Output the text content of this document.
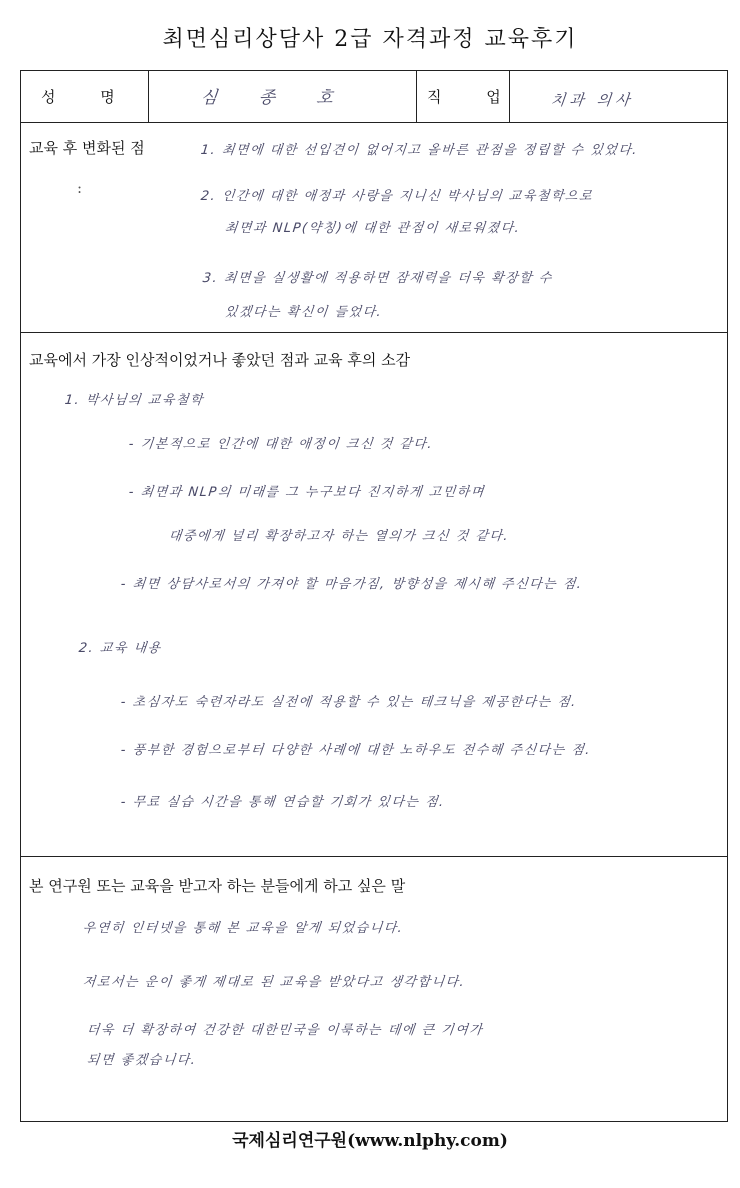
최면심리상담사 2급 자격과정 교육후기
성 명	심 종 호	직 업 치과 의사
교육 후 변화된 점
:
1. 최면에 대한 선입견이 없어지고 올바른 관점을 정립할 수 있었다.
2. 인간에 대한 애정과 사랑을 지니신 박사님의 교육철학으로
최면과 NLP(약칭)에 대한 관점이 새로워졌다.
3. 최면을 실생활에 적용하면 잠재력을 더욱 확장할 수
있겠다는 확신이 들었다.
교육에서 가장 인상적이었거나 좋았던 점과 교육 후의 소감
1. 박사님의 교육철학
- 기본적으로 인간에 대한 애정이 크신 것 같다.
- 최면과 NLP의 미래를 그 누구보다 진지하게 고민하며
대중에게 널리 확장하고자 하는 열의가 크신 것 같다.
- 최면 상담사로서의 가져야 할 마음가짐, 방향성을 제시해 주신다는 점.
2. 교육 내용
- 초심자도 숙련자라도 실전에 적용할 수 있는 테크닉을 제공한다는 점.
- 풍부한 경험으로부터 다양한 사례에 대한 노하우도 전수해 주신다는 점.
- 무료 실습 시간을 통해 연습할 기회가 있다는 점.
본 연구원 또는 교육을 받고자 하는 분들에게 하고 싶은 말
우연히 인터넷을 통해 본 교육을 알게 되었습니다.
저로서는 운이 좋게 제대로 된 교육을 받았다고 생각합니다.
더욱 더 확장하여 건강한 대한민국을 이룩하는 데에 큰 기여가
되면 좋겠습니다.
국제심리연구원(www.nlphy.com)
